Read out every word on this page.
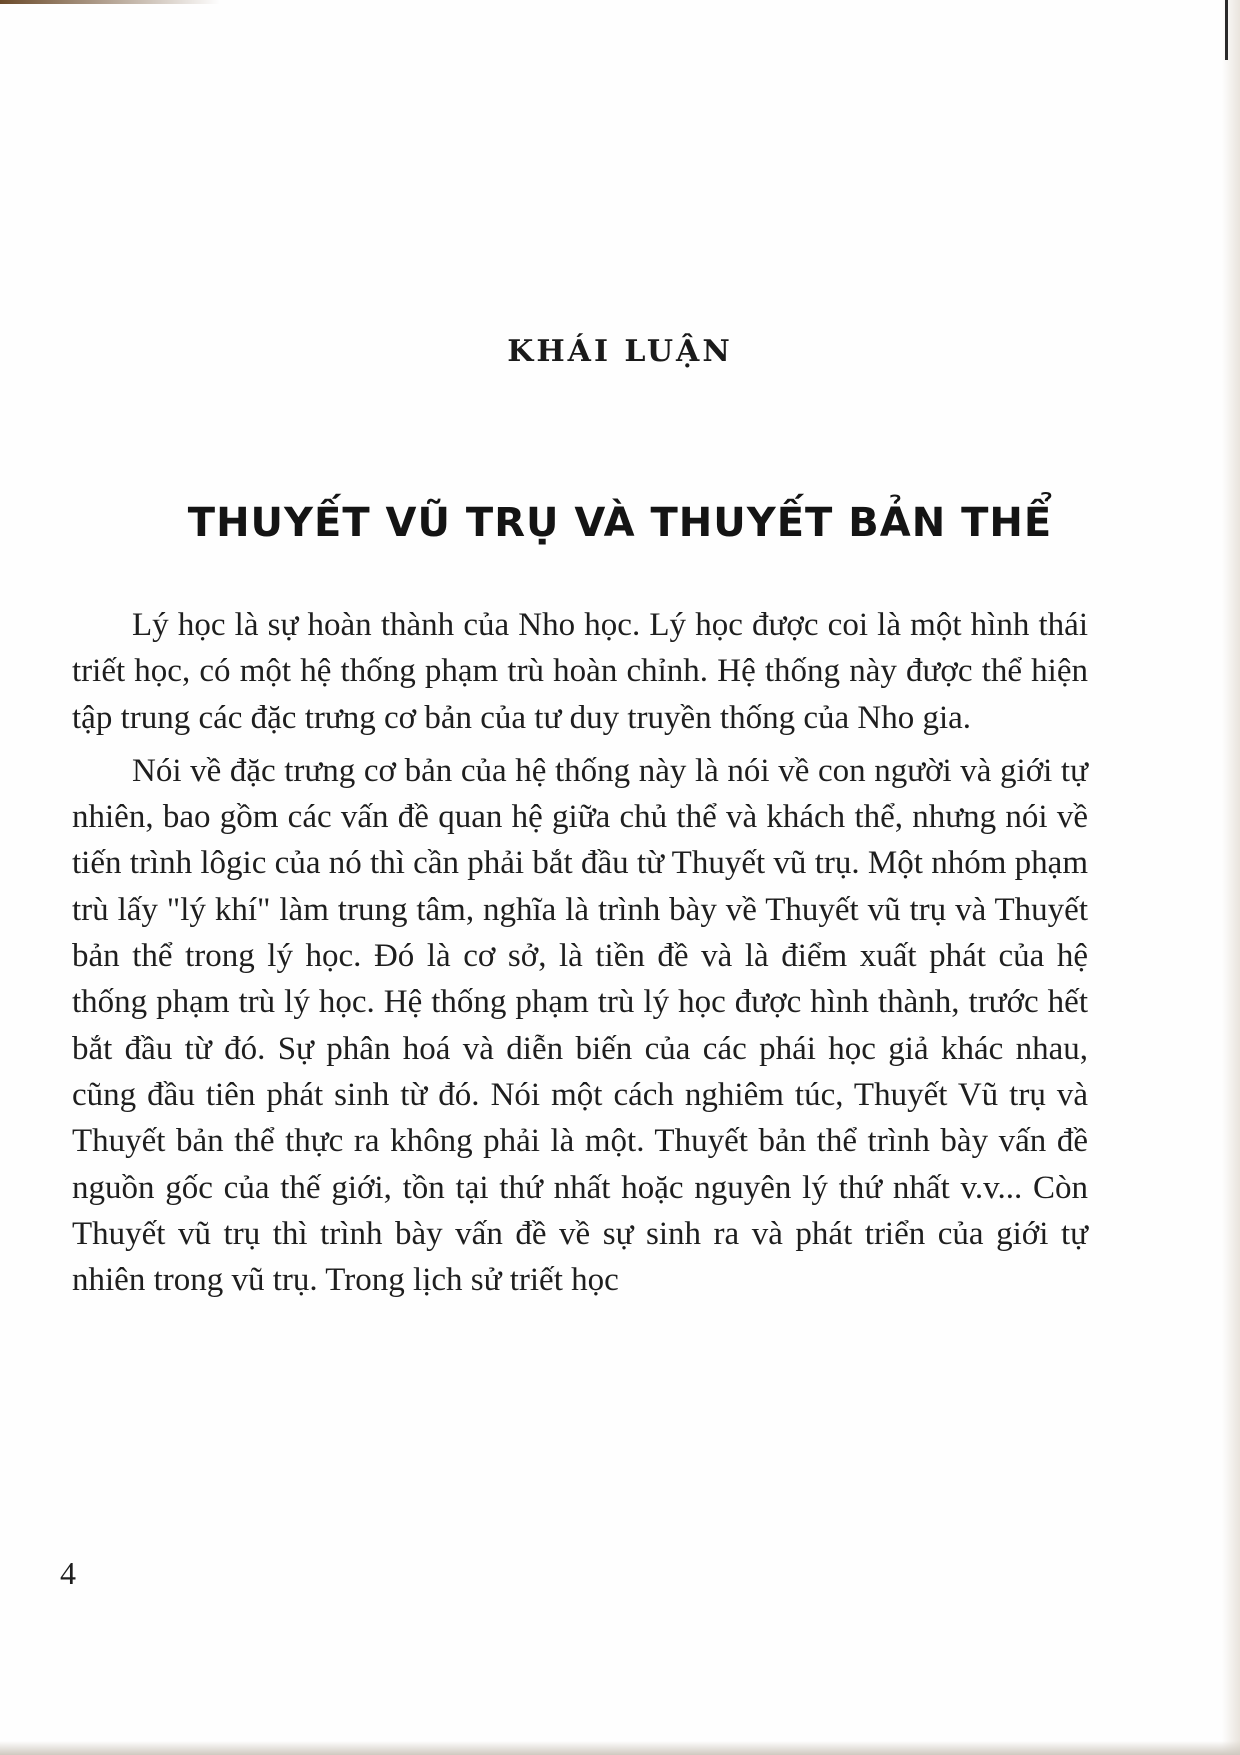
KHÁI LUẬN
THUYẾT VŨ TRỤ VÀ THUYẾT BẢN THỂ

Lý học là sự hoàn thành của Nho học. Lý học được coi là một hình thái triết học, có một hệ thống phạm trù hoàn chỉnh. Hệ thống này được thể hiện tập trung các đặc trưng cơ bản của tư duy truyền thống của Nho gia.

Nói về đặc trưng cơ bản của hệ thống này là nói về con người và giới tự nhiên, bao gồm các vấn đề quan hệ giữa chủ thể và khách thể, nhưng nói về tiến trình lôgic của nó thì cần phải bắt đầu từ Thuyết vũ trụ. Một nhóm phạm trù lấy "lý khí" làm trung tâm, nghĩa là trình bày về Thuyết vũ trụ và Thuyết bản thể trong lý học. Đó là cơ sở, là tiền đề và là điểm xuất phát của hệ thống phạm trù lý học. Hệ thống phạm trù lý học được hình thành, trước hết bắt đầu từ đó. Sự phân hoá và diễn biến của các phái học giả khác nhau, cũng đầu tiên phát sinh từ đó. Nói một cách nghiêm túc, Thuyết Vũ trụ và Thuyết bản thể thực ra không phải là một. Thuyết bản thể trình bày vấn đề nguồn gốc của thế giới, tồn tại thứ nhất hoặc nguyên lý thứ nhất v.v... Còn Thuyết vũ trụ thì trình bày vấn đề về sự sinh ra và phát triển của giới tự nhiên trong vũ trụ. Trong lịch sử triết học

4
